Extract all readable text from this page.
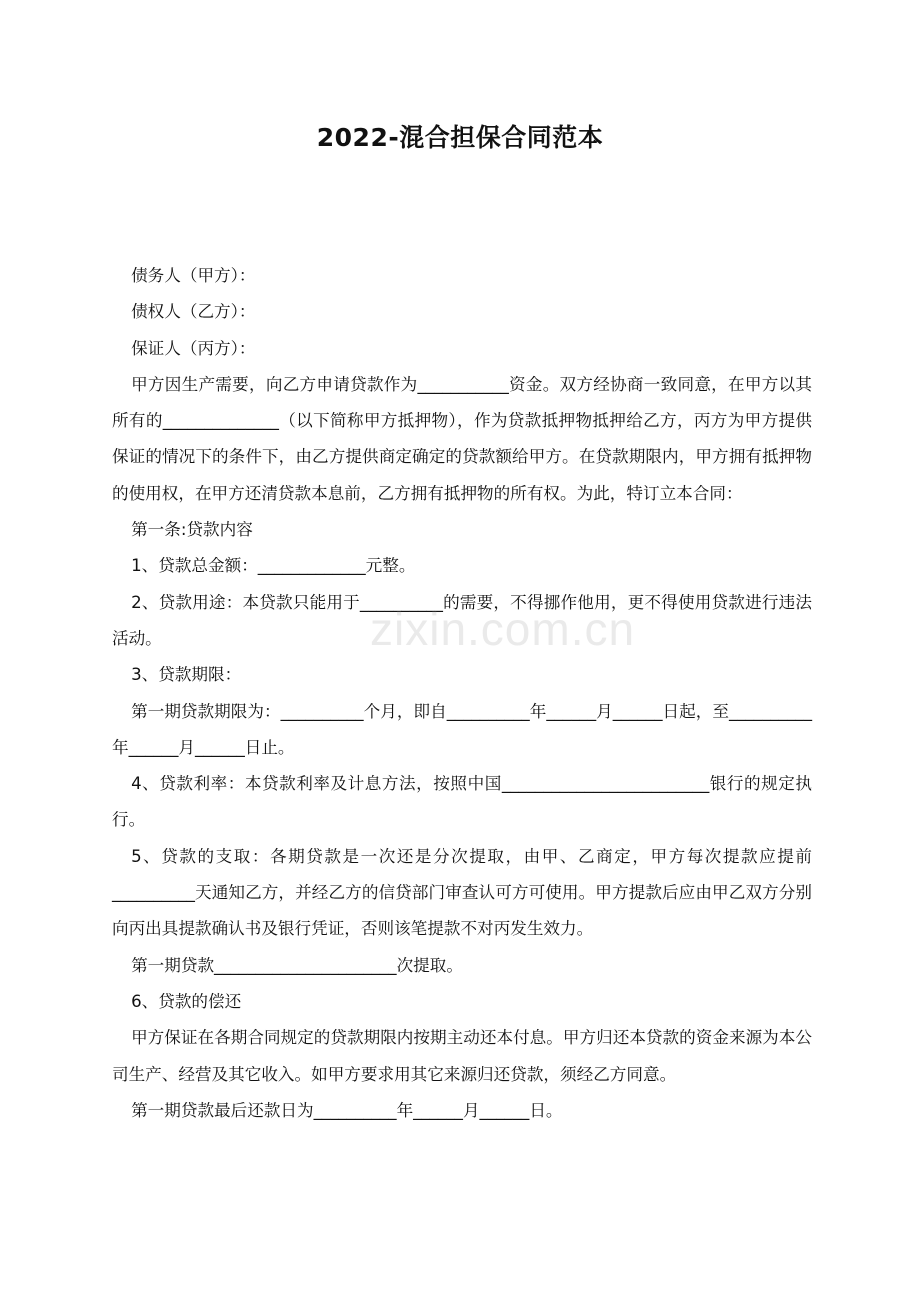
2022-混合担保合同范本

债务人（甲方）：

债权人（乙方）：

保证人（丙方）：

甲方因生产需要，向乙方申请贷款作为___________资金。双方经协商一致同意，在甲方以其所有的______________（以下简称甲方抵押物），作为贷款抵押物抵押给乙方，丙方为甲方提供保证的情况下的条件下，由乙方提供商定确定的贷款额给甲方。在贷款期限内，甲方拥有抵押物的使用权，在甲方还清贷款本息前，乙方拥有抵押物的所有权。为此，特订立本合同：

第一条:贷款内容

1、贷款总金额：_____________元整。

2、贷款用途：本贷款只能用于__________的需要，不得挪作他用，更不得使用贷款进行违法活动。

3、贷款期限：

第一期贷款期限为：__________个月，即自__________年______月______日起，至__________年______月______日止。

4、贷款利率：本贷款利率及计息方法，按照中国_________________________银行的规定执行。

5、贷款的支取：各期贷款是一次还是分次提取，由甲、乙商定，甲方每次提款应提前__________天通知乙方，并经乙方的信贷部门审查认可方可使用。甲方提款后应由甲乙双方分别向丙出具提款确认书及银行凭证，否则该笔提款不对丙发生效力。

第一期贷款______________________次提取。

6、贷款的偿还

甲方保证在各期合同规定的贷款期限内按期主动还本付息。甲方归还本贷款的资金来源为本公司生产、经营及其它收入。如甲方要求用其它来源归还贷款，须经乙方同意。

第一期贷款最后还款日为__________年______月______日。

zixin.com.cn
